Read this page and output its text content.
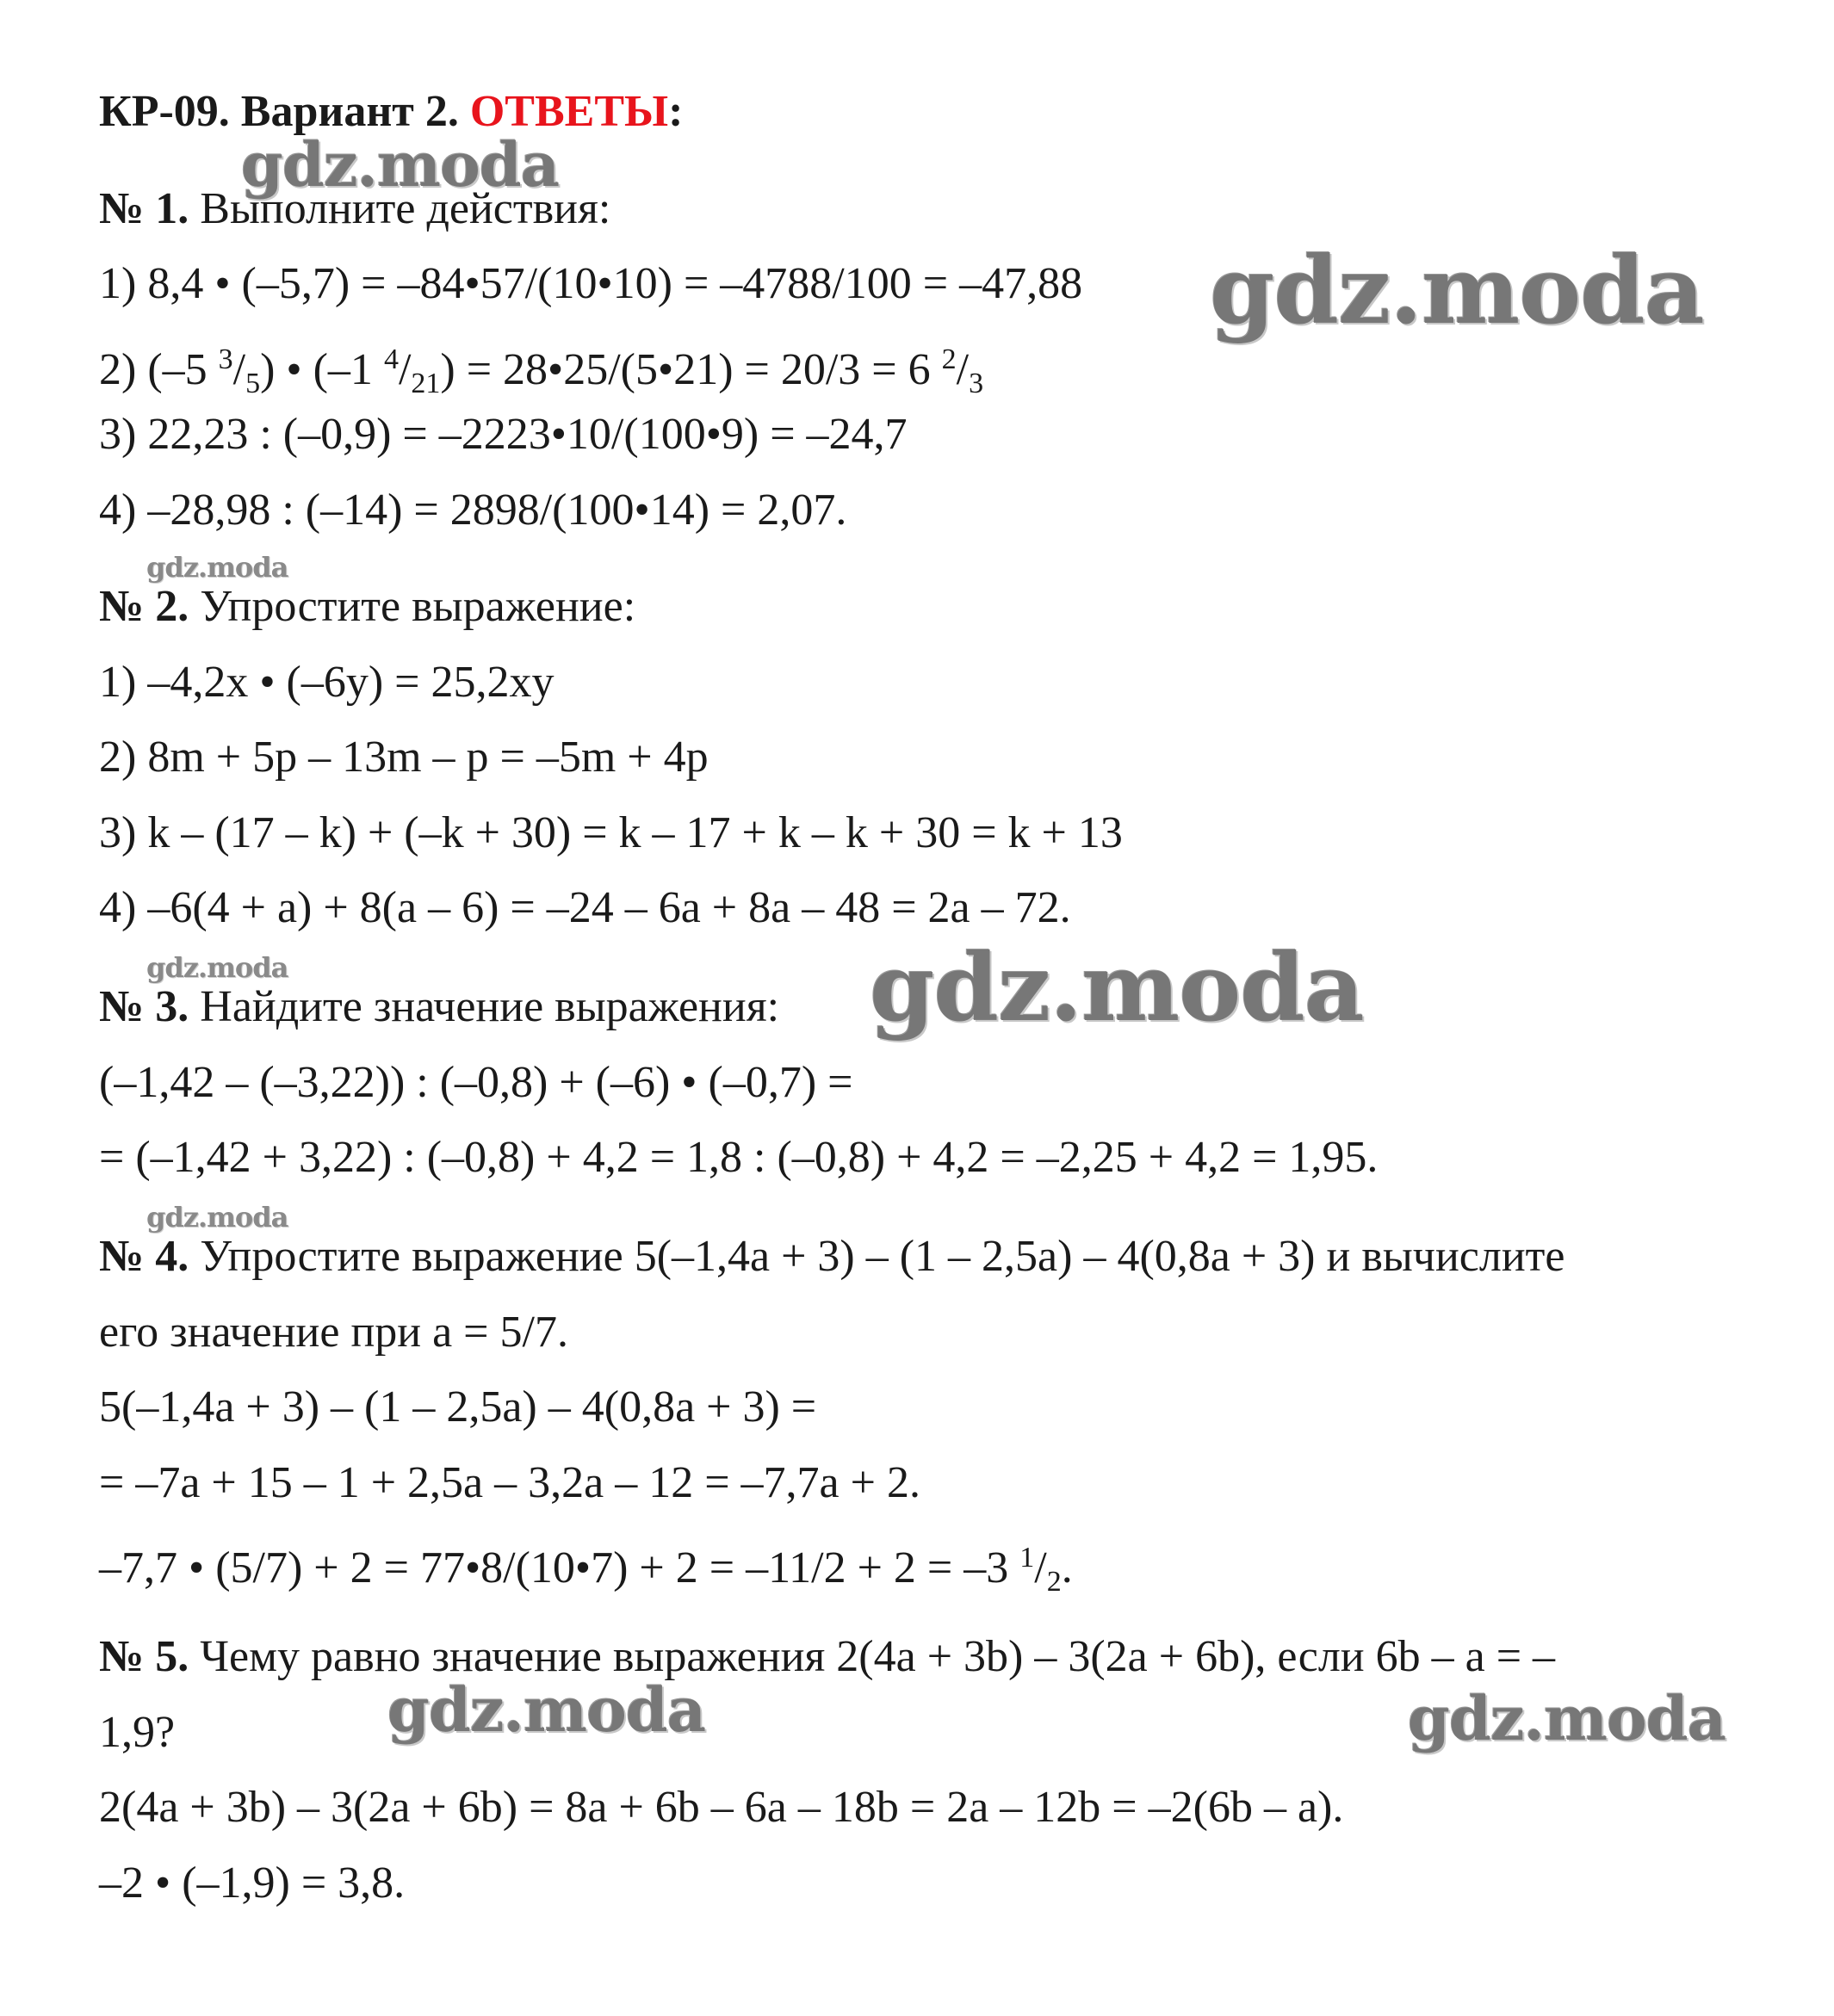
КР-09. Вариант 2. ОТВЕТЫ:
№ 1. Выполните действия:
1) 8,4 • (–5,7) = –84•57/(10•10) = –4788/100 = –47,88
2) (–5 $^3/_5$) • (–1 $^4/_{21}$) = 28•25/(5•21) = 20/3 = 6 $^2/_3$
3) 22,23 : (–0,9) = –2223•10/(100•9) = –24,7
4) –28,98 : (–14) = 2898/(100•14) = 2,07.
№ 2. Упростите выражение:
1) –4,2x • (–6y) = 25,2xy
2) 8m + 5p – 13m – p = –5m + 4p
3) k – (17 – k) + (–k + 30) = k – 17 + k – k + 30 = k + 13
4) –6(4 + a) + 8(a – 6) = –24 – 6a + 8a – 48 = 2a – 72.
№ 3. Найдите значение выражения:
(–1,42 – (–3,22)) : (–0,8) + (–6) • (–0,7) =
= (–1,42 + 3,22) : (–0,8) + 4,2 = 1,8 : (–0,8) + 4,2 = –2,25 + 4,2 = 1,95.
№ 4. Упростите выражение 5(–1,4a + 3) – (1 – 2,5a) – 4(0,8a + 3) и вычислите
его значение при a = 5/7.
5(–1,4a + 3) – (1 – 2,5a) – 4(0,8a + 3) =
= –7a + 15 – 1 + 2,5a – 3,2a – 12 = –7,7a + 2.
–7,7 • (5/7) + 2 = 77•8/(10•7) + 2 = –11/2 + 2 = –3 $^1/_2$.
№ 5. Чему равно значение выражения 2(4a + 3b) – 3(2a + 6b), если 6b – a = –
1,9?
2(4a + 3b) – 3(2a + 6b) = 8a + 6b – 6a – 18b = 2a – 12b = –2(6b – a).
–2 • (–1,9) = 3,8.
gdz.moda
gdz.moda
gdz.moda
gdz.moda	gdz.moda
gdz.moda
gdz.moda	gdz.moda
